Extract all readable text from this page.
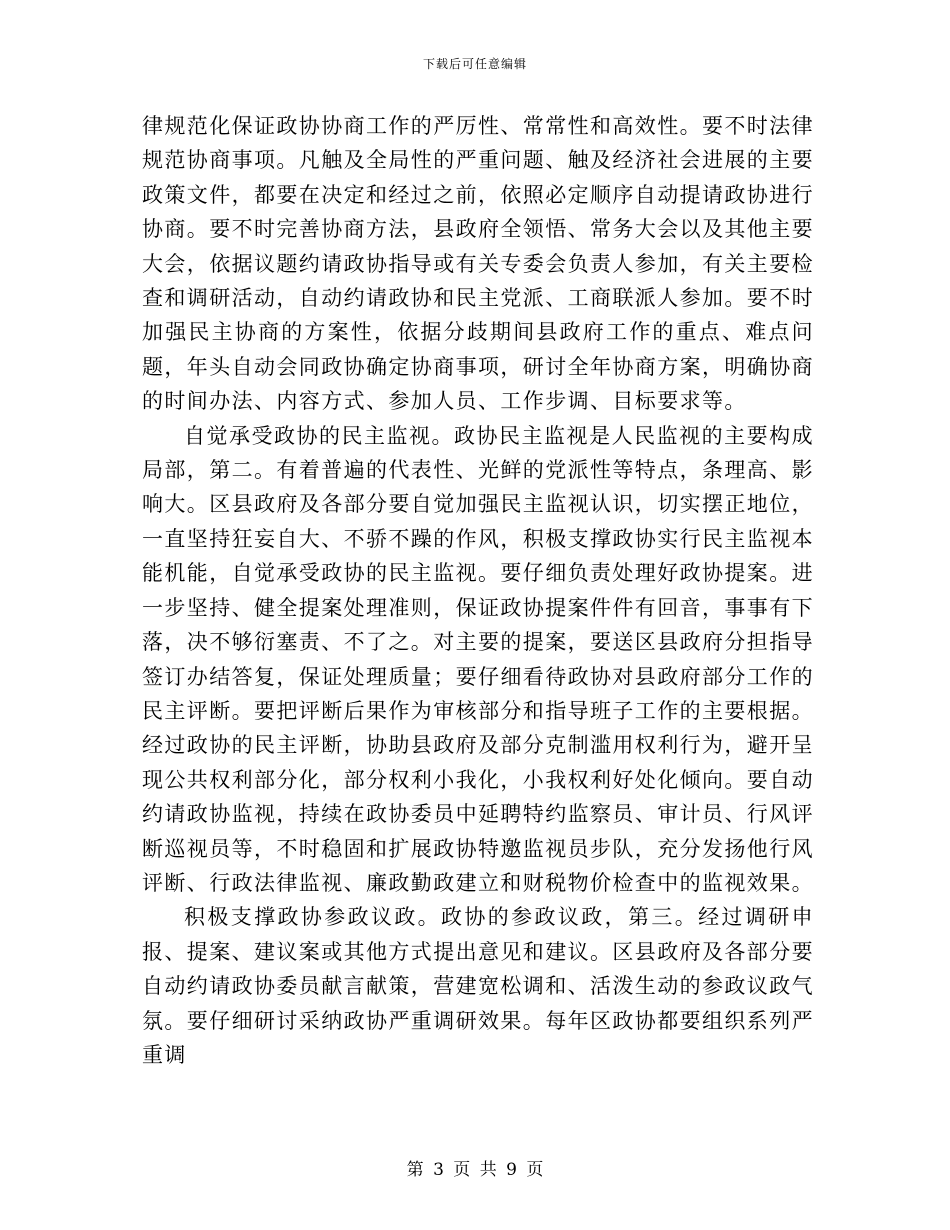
下载后可任意编辑

律规范化保证政协协商工作的严厉性、常常性和高效性。要不时法律规范协商事项。凡触及全局性的严重问题、触及经济社会进展的主要政策文件，都要在决定和经过之前，依照必定顺序自动提请政协进行协商。要不时完善协商方法，县政府全领悟、常务大会以及其他主要大会，依据议题约请政协指导或有关专委会负责人参加，有关主要检查和调研活动，自动约请政协和民主党派、工商联派人参加。要不时加强民主协商的方案性，依据分歧期间县政府工作的重点、难点问题，年头自动会同政协确定协商事项，研讨全年协商方案，明确协商的时间办法、内容方式、参加人员、工作步调、目标要求等。

自觉承受政协的民主监视。政协民主监视是人民监视的主要构成局部，第二。有着普遍的代表性、光鲜的党派性等特点，条理高、影响大。区县政府及各部分要自觉加强民主监视认识，切实摆正地位，一直坚持狂妄自大、不骄不躁的作风，积极支撑政协实行民主监视本能机能，自觉承受政协的民主监视。要仔细负责处理好政协提案。进一步坚持、健全提案处理准则，保证政协提案件件有回音，事事有下落，决不够衍塞责、不了之。对主要的提案，要送区县政府分担指导签订办结答复，保证处理质量；要仔细看待政协对县政府部分工作的民主评断。要把评断后果作为审核部分和指导班子工作的主要根据。经过政协的民主评断，协助县政府及部分克制滥用权利行为，避开呈现公共权利部分化，部分权利小我化，小我权利好处化倾向。要自动约请政协监视，持续在政协委员中延聘特约监察员、审计员、行风评断巡视员等，不时稳固和扩展政协特邀监视员步队，充分发扬他行风评断、行政法律监视、廉政勤政建立和财税物价检查中的监视效果。

积极支撑政协参政议政。政协的参政议政，第三。经过调研申报、提案、建议案或其他方式提出意见和建议。区县政府及各部分要自动约请政协委员献言献策，营建宽松调和、活泼生动的参政议政气氛。要仔细研讨采纳政协严重调研效果。每年区政协都要组织系列严重调

第 3 页 共 9 页
